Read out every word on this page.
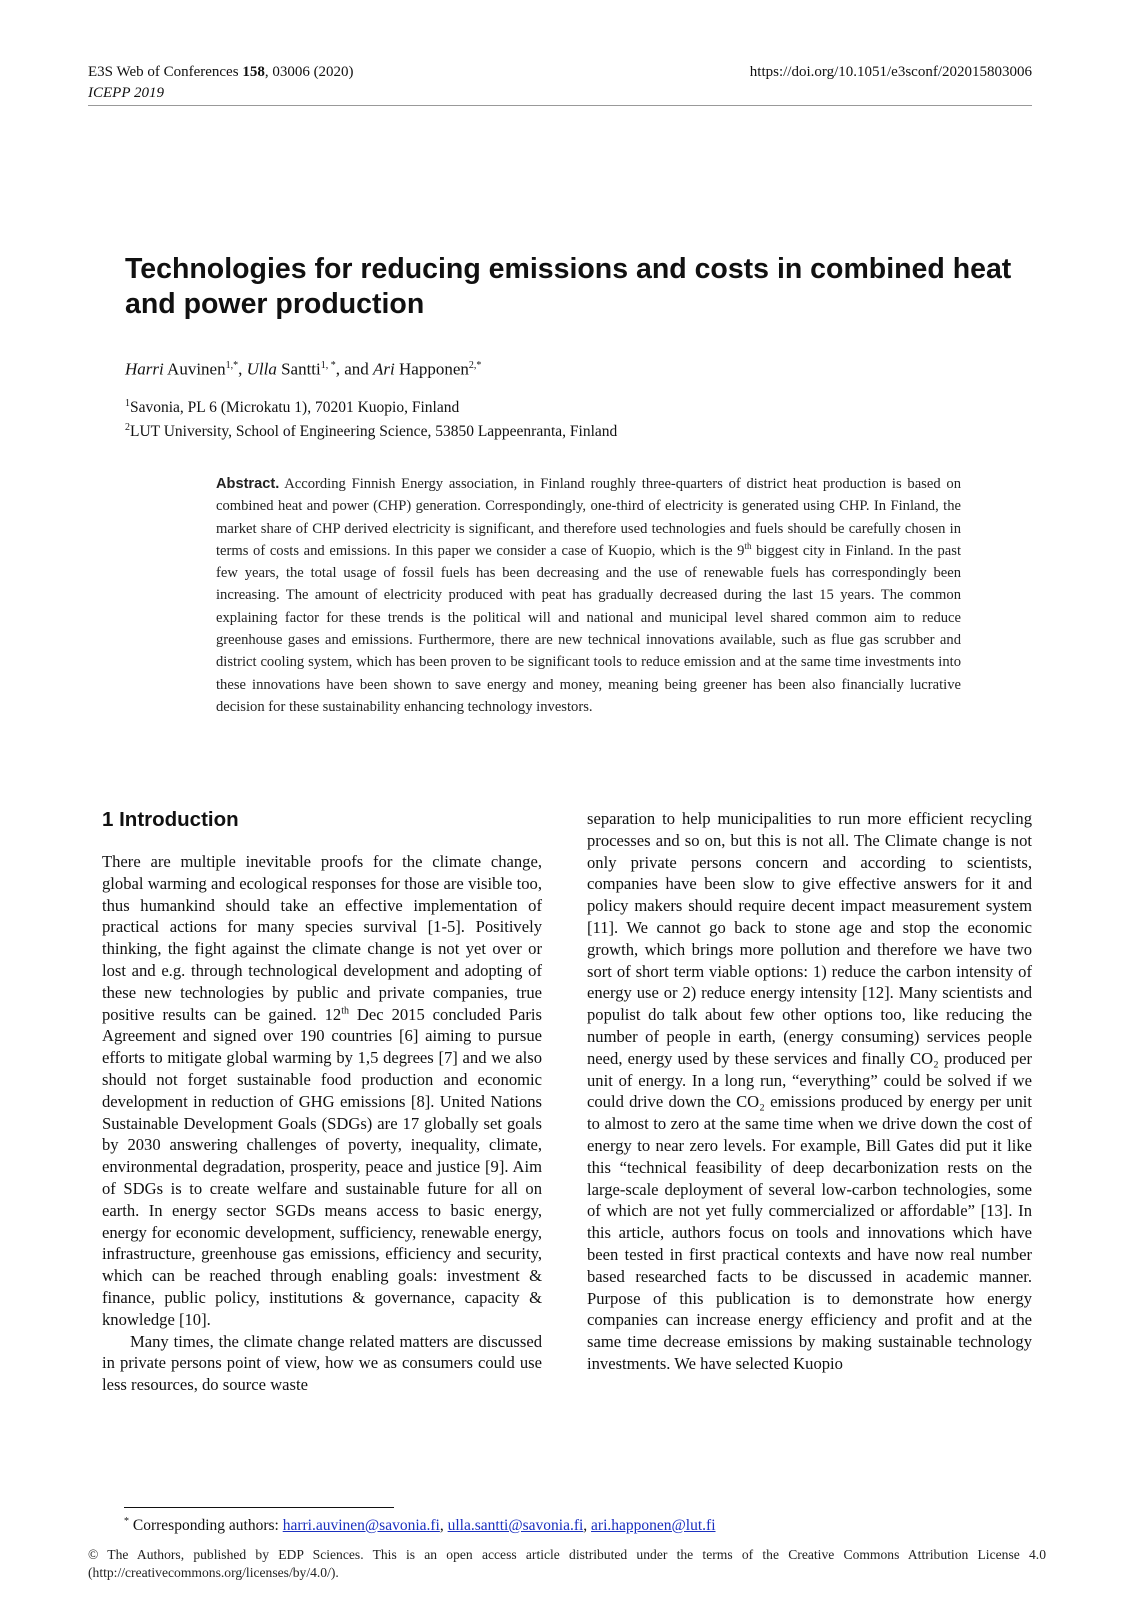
E3S Web of Conferences 158, 03006 (2020)
ICEPP 2019
https://doi.org/10.1051/e3sconf/202015803006
Technologies for reducing emissions and costs in combined heat and power production
Harri Auvinen$^{1,*}$, Ulla Santti$^{1, *}$, and Ari Happonen$^{2,*}$
$^1$Savonia, PL 6 (Microkatu 1), 70201 Kuopio, Finland
$^2$LUT University, School of Engineering Science, 53850 Lappeenranta, Finland

Abstract. According Finnish Energy association, in Finland roughly three-quarters of district heat production is based on combined heat and power (CHP) generation. Correspondingly, one-third of electricity is generated using CHP. In Finland, the market share of CHP derived electricity is significant, and therefore used technologies and fuels should be carefully chosen in terms of costs and emissions. In this paper we consider a case of Kuopio, which is the 9th biggest city in Finland. In the past few years, the total usage of fossil fuels has been decreasing and the use of renewable fuels has correspondingly been increasing. The amount of electricity produced with peat has gradually decreased during the last 15 years. The common explaining factor for these trends is the political will and national and municipal level shared common aim to reduce greenhouse gases and emissions. Furthermore, there are new technical innovations available, such as flue gas scrubber and district cooling system, which has been proven to be significant tools to reduce emission and at the same time investments into these innovations have been shown to save energy and money, meaning being greener has been also financially lucrative decision for these sustainability enhancing technology investors.

1 Introduction

There are multiple inevitable proofs for the climate change, global warming and ecological responses for those are visible too, thus humankind should take an effective implementation of practical actions for many species survival [1-5]. Positively thinking, the fight against the climate change is not yet over or lost and e.g. through technological development and adopting of these new technologies by public and private companies, true positive results can be gained. 12th Dec 2015 concluded Paris Agreement and signed over 190 countries [6] aiming to pursue efforts to mitigate global warming by 1,5 degrees [7] and we also should not forget sustainable food production and economic development in reduction of GHG emissions [8]. United Nations Sustainable Development Goals (SDGs) are 17 globally set goals by 2030 answering challenges of poverty, inequality, climate, environmental degradation, prosperity, peace and justice [9]. Aim of SDGs is to create welfare and sustainable future for all on earth. In energy sector SGDs means access to basic energy, energy for economic development, sufficiency, renewable energy, infrastructure, greenhouse gas emissions, efficiency and security, which can be reached through enabling goals: investment & finance, public policy, institutions & governance, capacity & knowledge [10].

Many times, the climate change related matters are discussed in private persons point of view, how we as consumers could use less resources, do source waste

separation to help municipalities to run more efficient recycling processes and so on, but this is not all. The Climate change is not only private persons concern and according to scientists, companies have been slow to give effective answers for it and policy makers should require decent impact measurement system [11]. We cannot go back to stone age and stop the economic growth, which brings more pollution and therefore we have two sort of short term viable options: 1) reduce the carbon intensity of energy use or 2) reduce energy intensity [12]. Many scientists and populist do talk about few other options too, like reducing the number of people in earth, (energy consuming) services people need, energy used by these services and finally CO₂ produced per unit of energy. In a long run, “everything” could be solved if we could drive down the CO₂ emissions produced by energy per unit to almost to zero at the same time when we drive down the cost of energy to near zero levels. For example, Bill Gates did put it like this “technical feasibility of deep decarbonization rests on the large-scale deployment of several low-carbon technologies, some of which are not yet fully commercialized or affordable” [13]. In this article, authors focus on tools and innovations which have been tested in first practical contexts and have now real number based researched facts to be discussed in academic manner. Purpose of this publication is to demonstrate how energy companies can increase energy efficiency and profit and at the same time decrease emissions by making sustainable technology investments. We have selected Kuopio

* Corresponding authors: harri.auvinen@savonia.fi, ulla.santti@savonia.fi, ari.happonen@lut.fi

© The Authors, published by EDP Sciences. This is an open access article distributed under the terms of the Creative Commons Attribution License 4.0 (http://creativecommons.org/licenses/by/4.0/).
